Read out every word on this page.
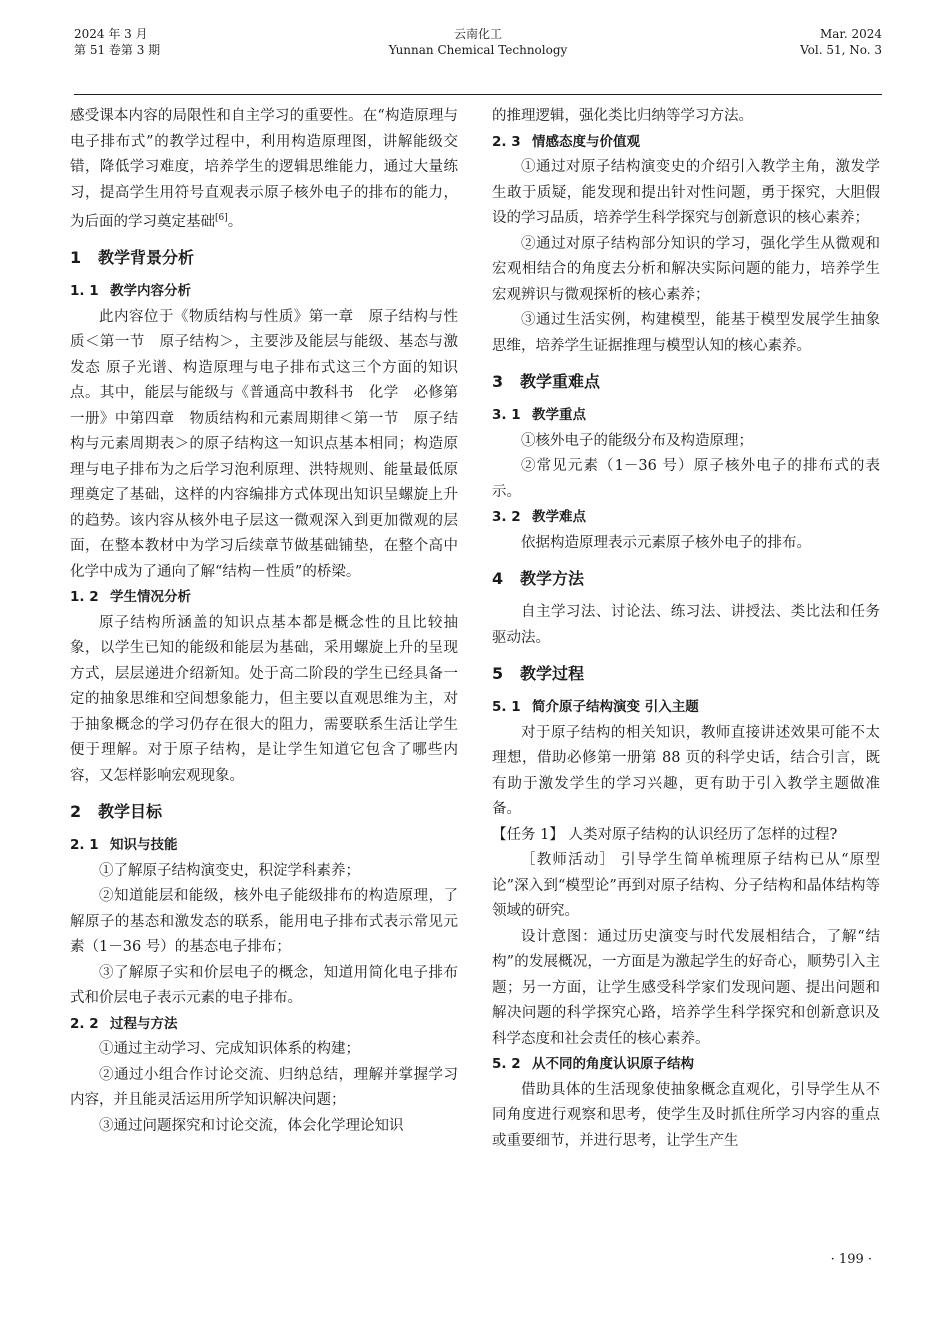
2024 年 3 月
第 51 卷第 3 期
云南化工
Yunnan Chemical Technology
Mar. 2024
Vol. 51, No. 3

感受课本内容的局限性和自主学习的重要性。在“构造原理与电子排布式”的教学过程中，利用构造原理图，讲解能级交错，降低学习难度，培养学生的逻辑思维能力，通过大量练习，提高学生用符号直观表示原子核外电子的排布的能力，为后面的学习奠定基础[6]。

1 教学背景分析
1. 1 教学内容分析

此内容位于《物质结构与性质》第一章　原子结构与性质＜第一节　原子结构＞，主要涉及能层与能级、基态与激发态 原子光谱、构造原理与电子排布式这三个方面的知识点。其中，能层与能级与《普通高中教科书　化学　必修第一册》中第四章　物质结构和元素周期律＜第一节　原子结构与元素周期表＞的原子结构这一知识点基本相同；构造原理与电子排布为之后学习泡利原理、洪特规则、能量最低原理奠定了基础，这样的内容编排方式体现出知识呈螺旋上升的趋势。该内容从核外电子层这一微观深入到更加微观的层面，在整本教材中为学习后续章节做基础铺垫，在整个高中化学中成为了通向了解“结构－性质”的桥梁。

1. 2 学生情况分析

原子结构所涵盖的知识点基本都是概念性的且比较抽象，以学生已知的能级和能层为基础，采用螺旋上升的呈现方式，层层递进介绍新知。处于高二阶段的学生已经具备一定的抽象思维和空间想象能力，但主要以直观思维为主，对于抽象概念的学习仍存在很大的阻力，需要联系生活让学生便于理解。对于原子结构，是让学生知道它包含了哪些内容，又怎样影响宏观现象。

2 教学目标
2. 1 知识与技能

①了解原子结构演变史，积淀学科素养；

②知道能层和能级，核外电子能级排布的构造原理，了解原子的基态和激发态的联系，能用电子排布式表示常见元素（1－36 号）的基态电子排布；

③了解原子实和价层电子的概念，知道用简化电子排布式和价层电子表示元素的电子排布。

2. 2 过程与方法

①通过主动学习、完成知识体系的构建；

②通过小组合作讨论交流、归纳总结，理解并掌握学习内容，并且能灵活运用所学知识解决问题；

③通过问题探究和讨论交流，体会化学理论知识

的推理逻辑，强化类比归纳等学习方法。

2. 3 情感态度与价值观

①通过对原子结构演变史的介绍引入教学主角，激发学生敢于质疑，能发现和提出针对性问题，勇于探究，大胆假设的学习品质，培养学生科学探究与创新意识的核心素养；

②通过对原子结构部分知识的学习，强化学生从微观和宏观相结合的角度去分析和解决实际问题的能力，培养学生宏观辨识与微观探析的核心素养；

③通过生活实例，构建模型，能基于模型发展学生抽象思维，培养学生证据推理与模型认知的核心素养。

3 教学重难点
3. 1 教学重点

①核外电子的能级分布及构造原理；

②常见元素（1－36 号）原子核外电子的排布式的表示。

3. 2 教学难点

依据构造原理表示元素原子核外电子的排布。

4 教学方法

自主学习法、讨论法、练习法、讲授法、类比法和任务驱动法。

5 教学过程
5. 1 简介原子结构演变 引入主题

对于原子结构的相关知识，教师直接讲述效果可能不太理想，借助必修第一册第 88 页的科学史话，结合引言，既有助于激发学生的学习兴趣，更有助于引入教学主题做准备。

【任务 1】 人类对原子结构的认识经历了怎样的过程?

［教师活动］ 引导学生简单梳理原子结构已从“原型论”深入到“模型论”再到对原子结构、分子结构和晶体结构等领域的研究。

设计意图：通过历史演变与时代发展相结合，了解“结构”的发展概况，一方面是为激起学生的好奇心，顺势引入主题；另一方面，让学生感受科学家们发现问题、提出问题和解决问题的科学探究心路，培养学生科学探究和创新意识及科学态度和社会责任的核心素养。

5. 2 从不同的角度认识原子结构

借助具体的生活现象使抽象概念直观化，引导学生从不同角度进行观察和思考，使学生及时抓住所学习内容的重点或重要细节，并进行思考，让学生产生

· 199 ·
